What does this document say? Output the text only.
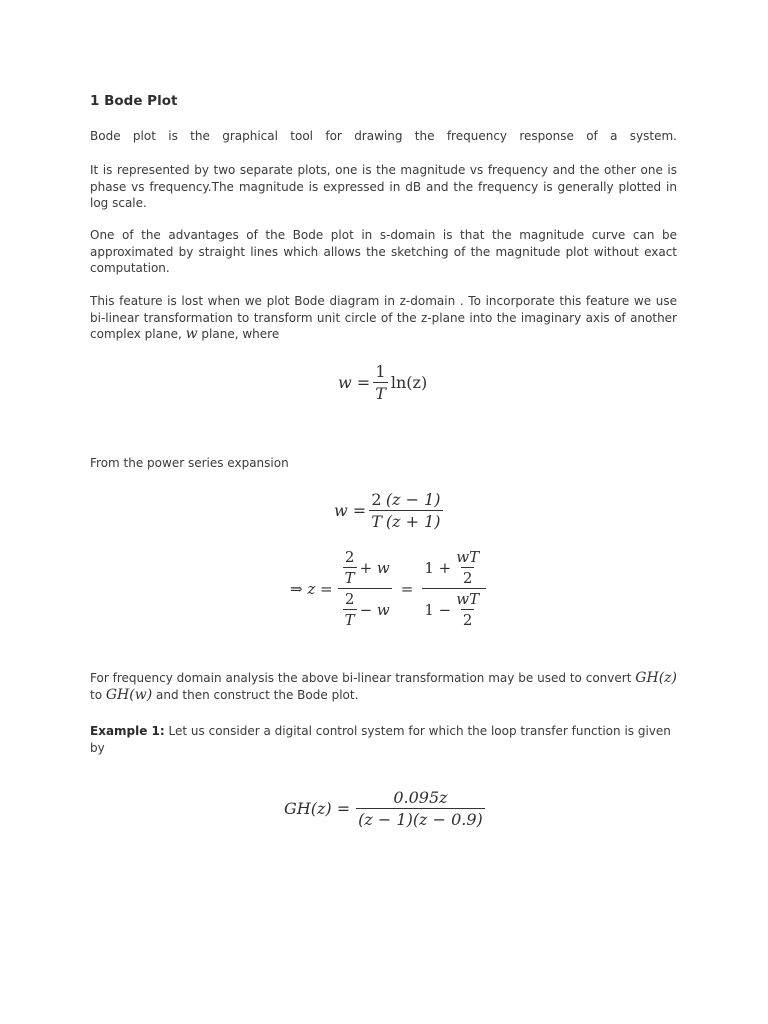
1 Bode Plot
Bode plot is the graphical tool for drawing the frequency response of a system.
It is represented by two separate plots, one is the magnitude vs frequency and the other one is phase vs frequency.The magnitude is expressed in dB and the frequency is generally plotted in log scale.
One of the advantages of the Bode plot in s-domain is that the magnitude curve can be approximated by straight lines which allows the sketching of the magnitude plot without exact computation.
This feature is lost when we plot Bode diagram in z-domain . To incorporate this feature we use bi-linear transformation to transform unit circle of the z-plane into the imaginary axis of another complex plane, w plane, where
$w = \frac{1}{T} \ln(z)$
From the power series expansion
$w = \frac{2}{T} \frac{(z - 1)}{(z + 1)}$
⇒ $z = \frac{\frac{2}{T} + w}{\frac{2}{T} - w} = \frac{1 + \frac{wT}{2}}{1 - \frac{wT}{2}}$
For frequency domain analysis the above bi-linear transformation may be used to convert GH(z) to GH(w) and then construct the Bode plot.
Example 1: Let us consider a digital control system for which the loop transfer function is given by
$GH(z) = \frac{0.095z}{(z - 1)(z - 0.9)}$
